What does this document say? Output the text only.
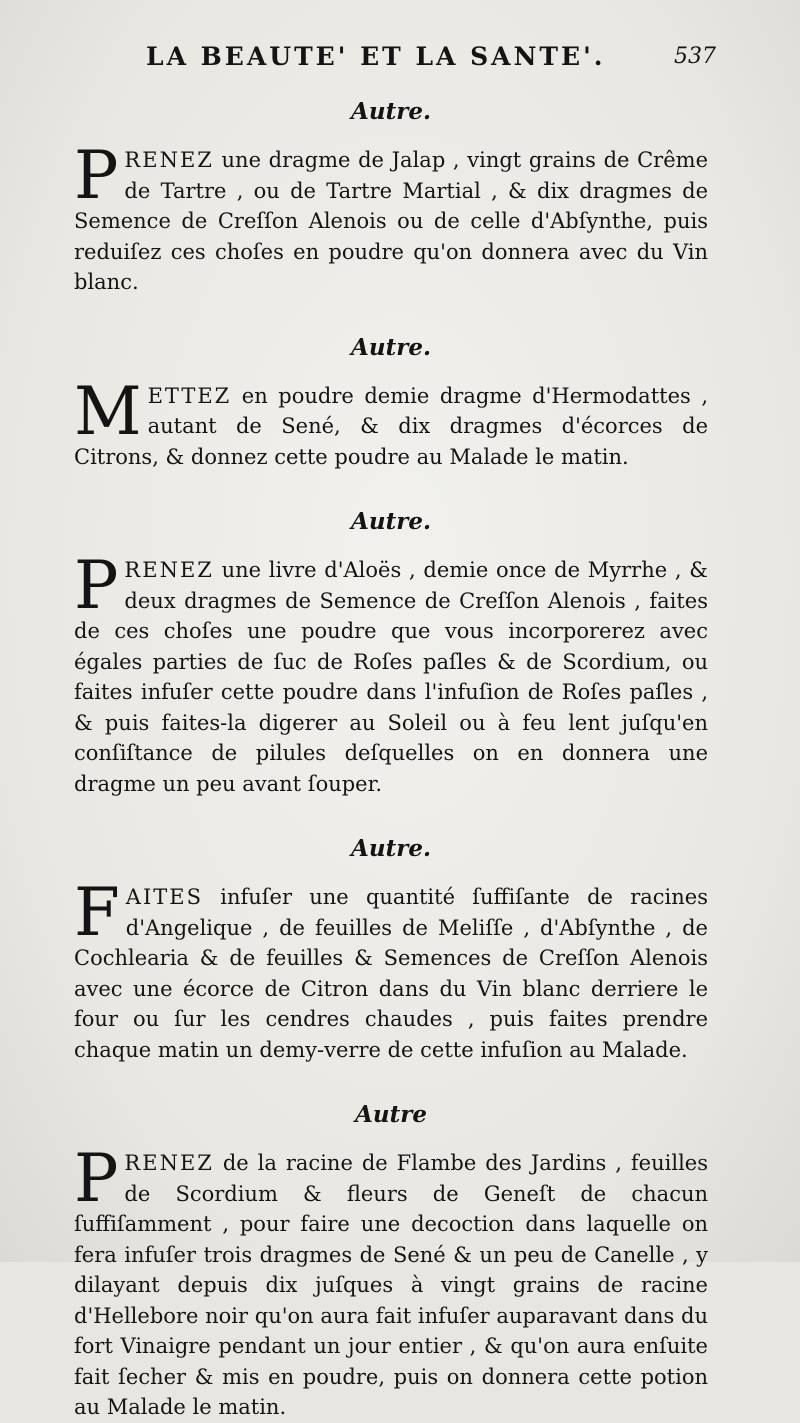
LA BEAUTE' ET LA SANTE'.	537
Autre.

PRENEZ une dragme de Jalap , vingt grains de Crême de Tartre , ou de Tartre Martial , & dix dragmes de Semence de Creſſon Alenois ou de celle d'Abſynthe, puis reduiſez ces choſes en poudre qu'on donnera avec du Vin blanc.

Autre.

METTEZ en poudre demie dragme d'Hermodattes , autant de Sené, & dix dragmes d'écorces de Citrons, & donnez cette poudre au Malade le matin.

Autre.

PRENEZ une livre d'Aloës , demie once de Myrrhe , & deux dragmes de Semence de Creſſon Alenois , faites de ces choſes une poudre que vous incorporerez avec égales parties de ſuc de Roſes paſles & de Scordium, ou faites infuſer cette poudre dans l'infuſion de Roſes paſles , & puis faites-la digerer au Soleil ou à feu lent juſqu'en conſiſtance de pilules deſquelles on en donnera une dragme un peu avant ſouper.

Autre.

FAITES infuſer une quantité ſuffiſante de racines d'Angelique , de feuilles de Meliſſe , d'Abſynthe , de Cochlearia & de feuilles & Semences de Creſſon Alenois avec une écorce de Citron dans du Vin blanc derriere le four ou ſur les cendres chaudes , puis faites prendre chaque matin un demy-verre de cette infuſion au Malade.

Autre

PRENEZ de la racine de Flambe des Jardins , feuilles de Scordium & fleurs de Geneſt de chacun ſuffiſamment , pour faire une decoction dans laquelle on fera infuſer trois dragmes de Sené & un peu de Canelle , y dilayant depuis dix juſques à vingt grains de racine d'Hellebore noir qu'on aura fait infuſer auparavant dans du fort Vinaigre pendant un jour entier , & qu'on aura enſuite fait ſecher & mis en poudre, puis on donnera cette potion au Malade le matin.
